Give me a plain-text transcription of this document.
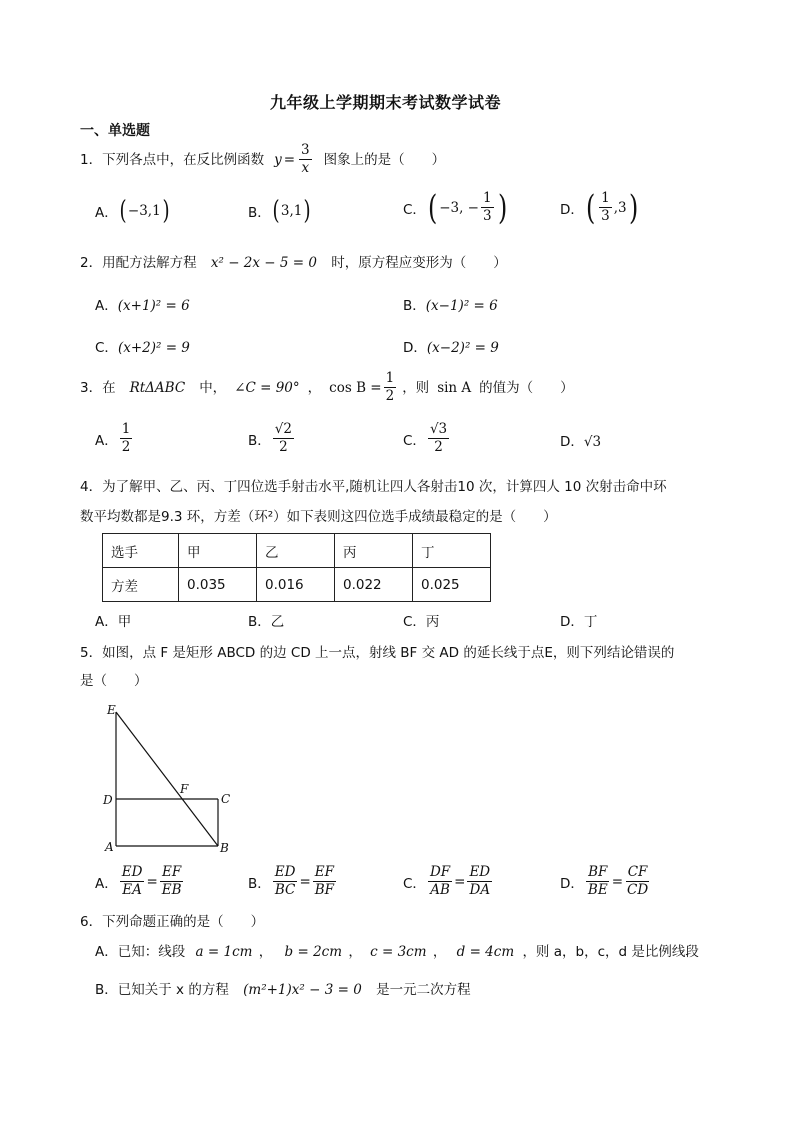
九年级上学期期末考试数学试卷
一、单选题
1．下列各点中，在反比例函数 $y = \frac{3}{x}$ 图象上的是（　　）
A． ( −3,1 )	B． ( 3,1 )	C． ( −3, − $\frac{1}{3}$ )	D． ( $\frac{1}{3} ,3$ )
2．用配方法解方程 x² − 2x − 5 = 0 时，原方程应变形为（　　）
A．(x+1)² = 6	B．(x−1)² = 6
C．(x+2)² = 9	D．(x−2)² = 9
3．在 RtΔABC 中， ∠C = 90° ， $\cos B = \frac{1}{2}$ ，则 sin A 的值为（　　）
A． $\frac{1}{2}$	B． $\frac{√2}{2}$	C． $\frac{√3}{2}$	D．√3
4．为了解甲、乙、丙、丁四位选手射击水平,随机让四人各射击10 次，计算四人 10 次射击命中环
数平均数都是9.3 环，方差（环²）如下表则这四位选手成绩最稳定的是（　　）
选手	甲	乙	丙	丁
方差	0.035	0.016	0.022	0.025
A．甲	B．乙	C．丙	D．丁
5．如图，点 F 是矩形 ABCD 的边 CD 上一点，射线 BF 交 AD 的延长线于点E，则下列结论错误的
是（　　）
E
D
F
C
A	B
A． $\frac{ED}{EA} = \frac{EF}{EB}$	B． $\frac{ED}{BC} = \frac{EF}{BF}$	C． $\frac{DF}{AB} = \frac{ED}{DA}$	D． $\frac{BF}{BE} = \frac{CF}{CD}$
6．下列命题正确的是（　　）
A．已知：线段 a = 1cm ， b = 2cm ， c = 3cm ， d = 4cm ，则 a，b，c，d 是比例线段
B．已知关于 x 的方程 (m²+1)x² − 3 = 0 是一元二次方程
